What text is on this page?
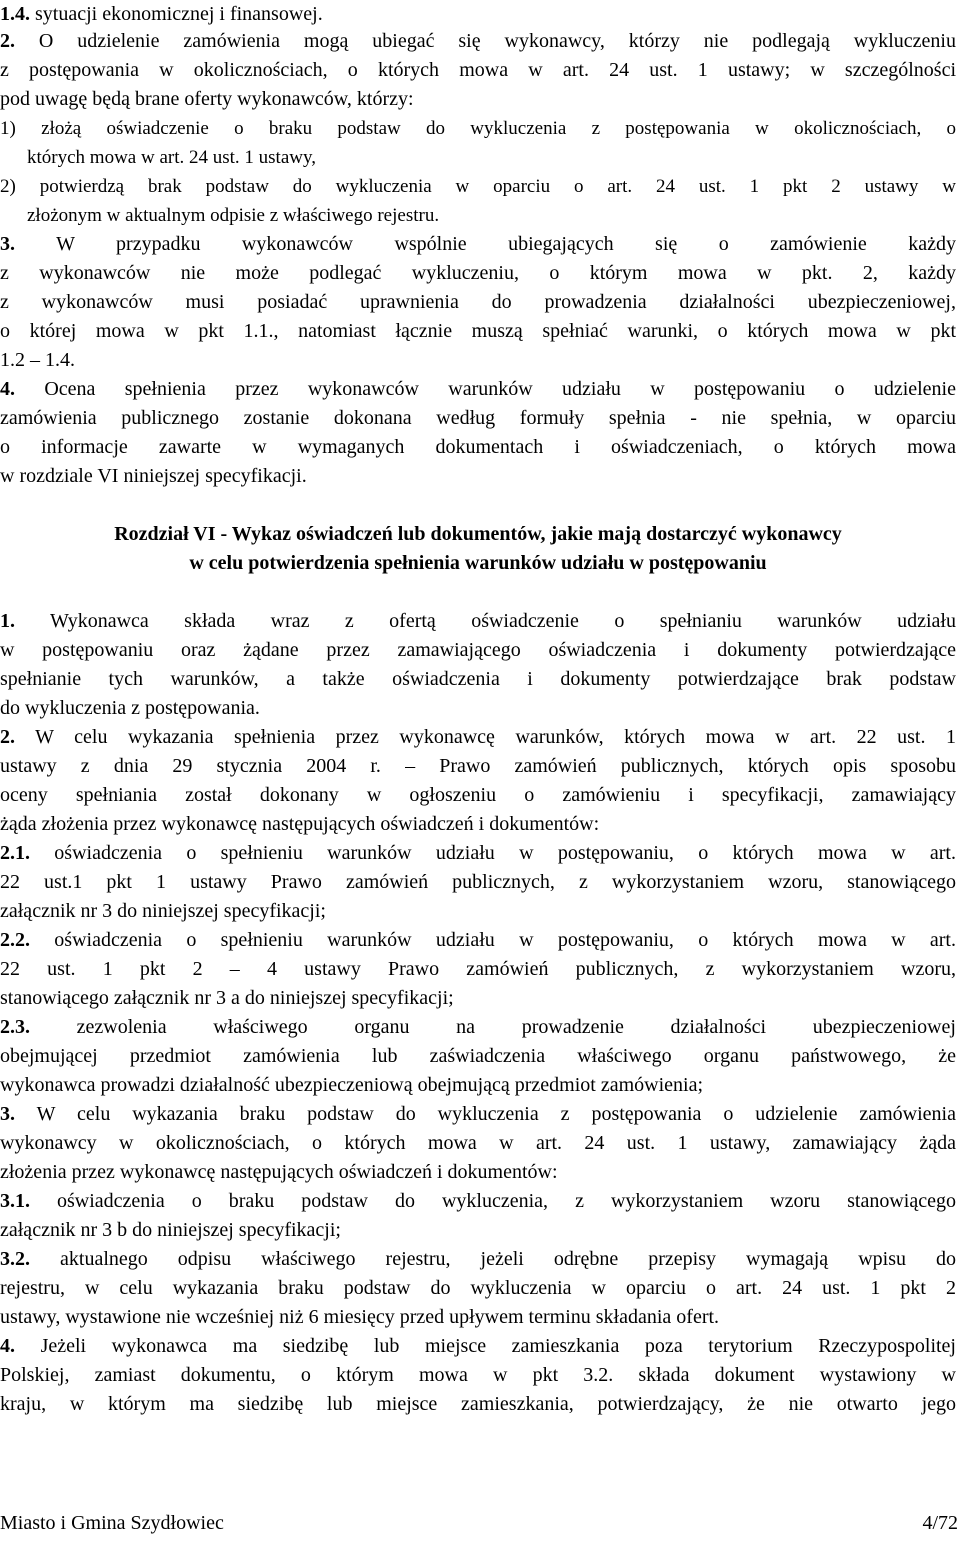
1.4. sytuacji ekonomicznej i finansowej.
2. O udzielenie zamówienia mogą ubiegać się wykonawcy, którzy nie podlegają wykluczeniu
z postępowania w okolicznościach, o których mowa w art. 24 ust. 1 ustawy; w szczególności
pod uwagę będą brane oferty wykonawców, którzy:
1) złożą oświadczenie o braku podstaw do wykluczenia z postępowania w okolicznościach, o
których mowa w art. 24 ust. 1 ustawy,
2) potwierdzą brak podstaw do wykluczenia w oparciu o art. 24 ust. 1 pkt 2 ustawy w
złożonym w aktualnym odpisie z właściwego rejestru.
3. W przypadku wykonawców wspólnie ubiegających się o zamówienie każdy
z wykonawców nie może podlegać wykluczeniu, o którym mowa w pkt. 2, każdy
z wykonawców musi posiadać uprawnienia do prowadzenia działalności ubezpieczeniowej,
o której mowa w pkt 1.1., natomiast łącznie muszą spełniać warunki, o których mowa w pkt
1.2 – 1.4.
4. Ocena spełnienia przez wykonawców warunków udziału w postępowaniu o udzielenie
zamówienia publicznego zostanie dokonana według formuły spełnia - nie spełnia, w oparciu
o informacje zawarte w wymaganych dokumentach i oświadczeniach, o których mowa
w rozdziale VI niniejszej specyfikacji.
Rozdział VI - Wykaz oświadczeń lub dokumentów, jakie mają dostarczyć wykonawcy
w celu potwierdzenia spełnienia warunków udziału w postępowaniu
1. Wykonawca składa wraz z ofertą oświadczenie o spełnianiu warunków udziału
w postępowaniu oraz żądane przez zamawiającego oświadczenia i dokumenty potwierdzające
spełnianie tych warunków, a także oświadczenia i dokumenty potwierdzające brak podstaw
do wykluczenia z postępowania.
2. W celu wykazania spełnienia przez wykonawcę warunków, których mowa w art. 22 ust. 1
ustawy z dnia 29 stycznia 2004 r. – Prawo zamówień publicznych, których opis sposobu
oceny spełniania został dokonany w ogłoszeniu o zamówieniu i specyfikacji, zamawiający
żąda złożenia przez wykonawcę następujących oświadczeń i dokumentów:
2.1. oświadczenia o spełnieniu warunków udziału w postępowaniu, o których mowa w art.
22 ust.1 pkt 1 ustawy Prawo zamówień publicznych, z wykorzystaniem wzoru, stanowiącego
załącznik nr 3 do niniejszej specyfikacji;
2.2. oświadczenia o spełnieniu warunków udziału w postępowaniu, o których mowa w art.
22 ust. 1 pkt 2 – 4 ustawy Prawo zamówień publicznych, z wykorzystaniem wzoru,
stanowiącego załącznik nr 3 a do niniejszej specyfikacji;
2.3. zezwolenia właściwego organu na prowadzenie działalności ubezpieczeniowej
obejmującej przedmiot zamówienia lub zaświadczenia właściwego organu państwowego, że
wykonawca prowadzi działalność ubezpieczeniową obejmującą przedmiot zamówienia;
3. W celu wykazania braku podstaw do wykluczenia z postępowania o udzielenie zamówienia
wykonawcy w okolicznościach, o których mowa w art. 24 ust. 1 ustawy, zamawiający żąda
złożenia przez wykonawcę następujących oświadczeń i dokumentów:
3.1. oświadczenia o braku podstaw do wykluczenia, z wykorzystaniem wzoru stanowiącego
załącznik nr 3 b do niniejszej specyfikacji;
3.2. aktualnego odpisu właściwego rejestru, jeżeli odrębne przepisy wymagają wpisu do
rejestru, w celu wykazania braku podstaw do wykluczenia w oparciu o art. 24 ust. 1 pkt 2
ustawy, wystawione nie wcześniej niż 6 miesięcy przed upływem terminu składania ofert.
4. Jeżeli wykonawca ma siedzibę lub miejsce zamieszkania poza terytorium Rzeczypospolitej
Polskiej, zamiast dokumentu, o którym mowa w pkt 3.2. składa dokument wystawiony w
kraju, w którym ma siedzibę lub miejsce zamieszkania, potwierdzający, że nie otwarto jego
Miasto i Gmina Szydłowiec	4/72
